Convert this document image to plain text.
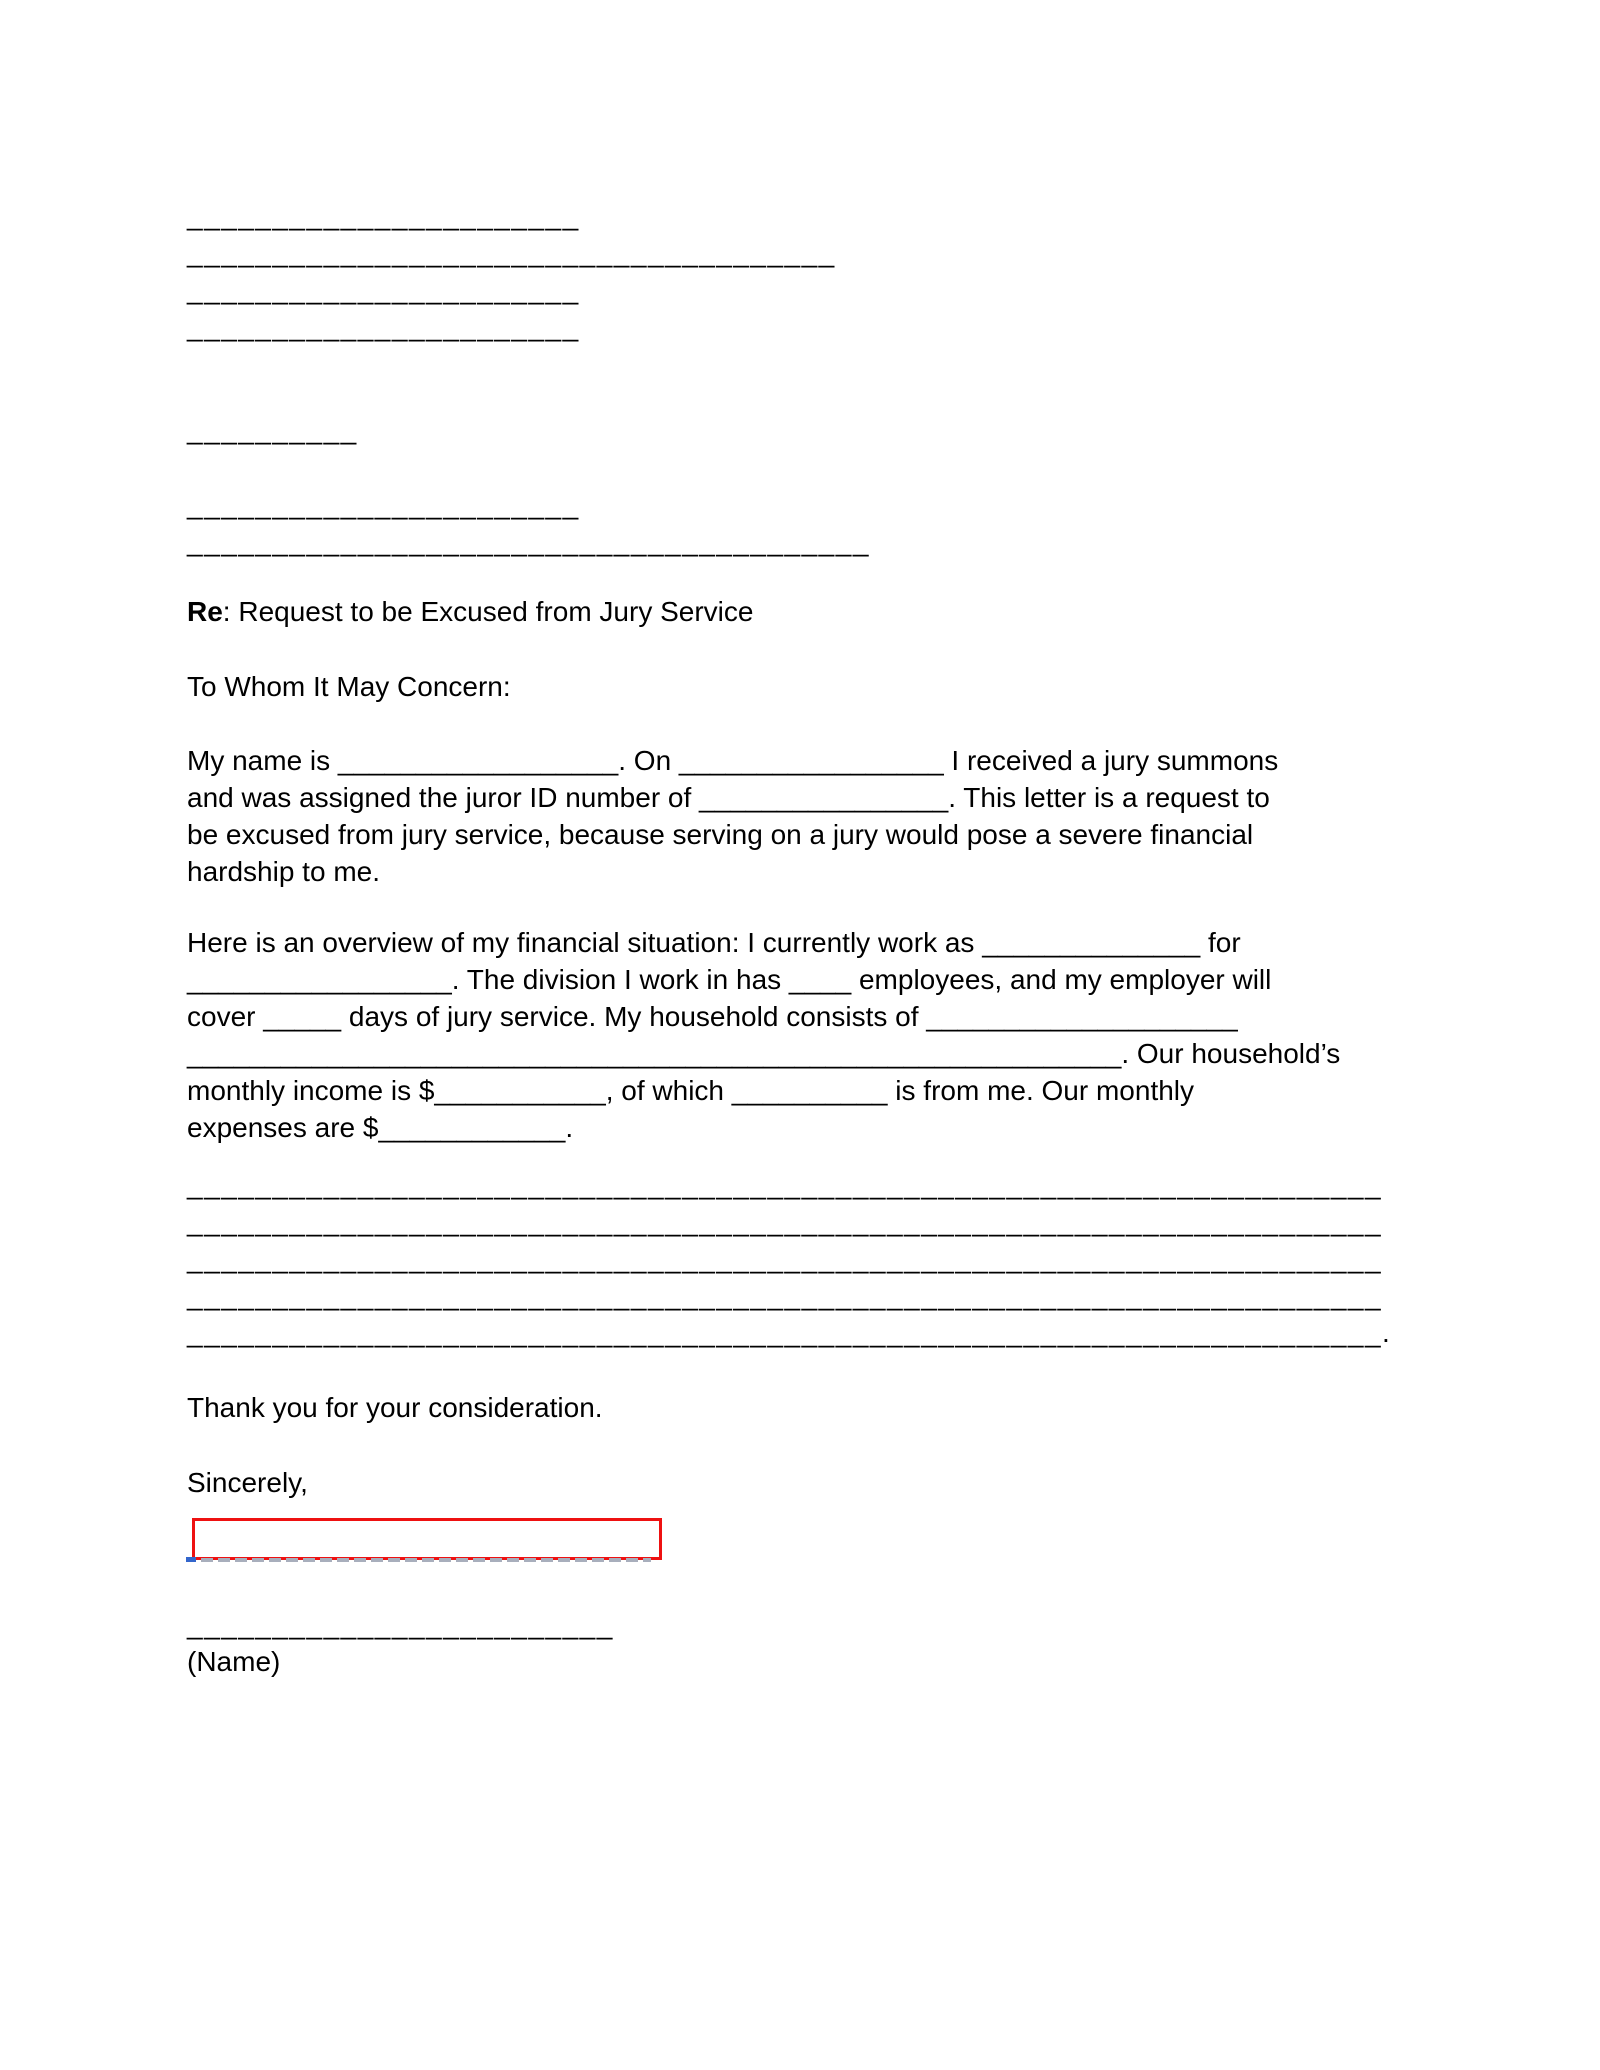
_______________________
______________________________________
_______________________
_______________________
__________
_______________________
________________________________________
Re: Request to be Excused from Jury Service
To Whom It May Concern:
My name is __________________. On _________________ I received a jury summons
and was assigned the juror ID number of ________________. This letter is a request to
be excused from jury service, because serving on a jury would pose a severe financial
hardship to me.
Here is an overview of my financial situation: I currently work as ______________ for
_________________. The division I work in has ____ employees, and my employer will
cover _____ days of jury service. My household consists of ____________________
____________________________________________________________. Our household’s
monthly income is $___________, of which __________ is from me. Our monthly
expenses are $____________.
______________________________________________________________________
______________________________________________________________________
______________________________________________________________________
______________________________________________________________________
______________________________________________________________________.
Thank you for your consideration.
Sincerely,
_________________________
(Name)
